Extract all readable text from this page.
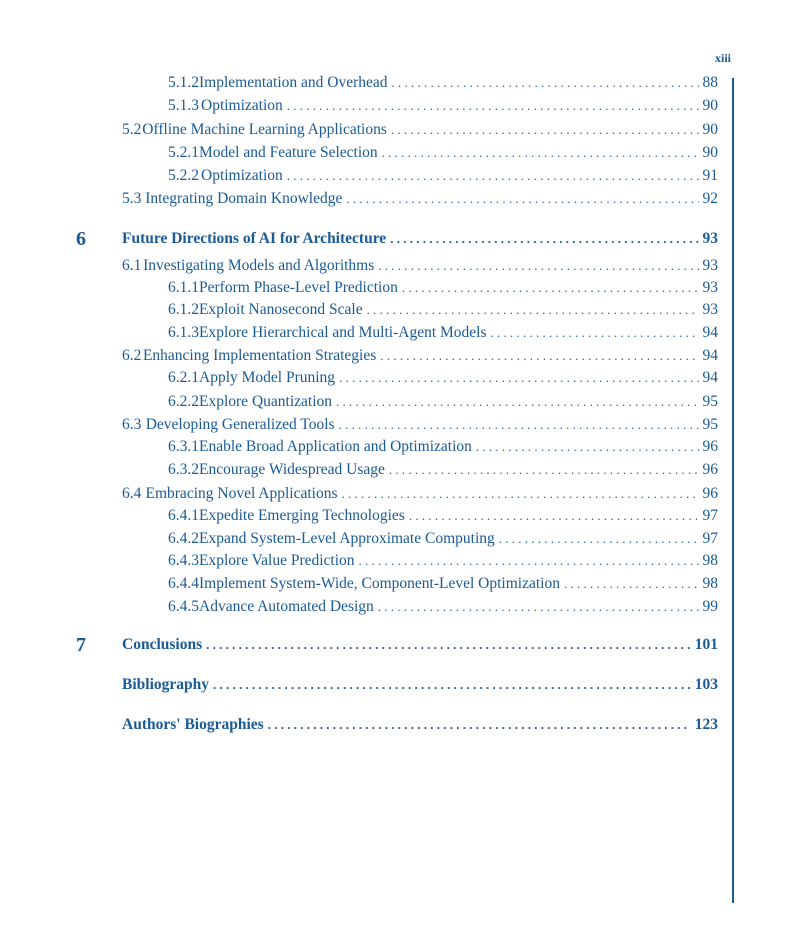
xiii
5.1.2 Implementation and Overhead . . .	88
5.1.3 Optimization . . .	90
5.2 Offline Machine Learning Applications . . .	90
5.2.1 Model and Feature Selection . . .	90
5.2.2 Optimization . . .	91
5.3 Integrating Domain Knowledge . . .	92
6 Future Directions of AI for Architecture . . .	93
6.1 Investigating Models and Algorithms . . .	93
6.1.1 Perform Phase-Level Prediction . . .	93
6.1.2 Exploit Nanosecond Scale . . .	93
6.1.3 Explore Hierarchical and Multi-Agent Models . . .	94
6.2 Enhancing Implementation Strategies . . .	94
6.2.1 Apply Model Pruning . . .	94
6.2.2 Explore Quantization . . .	95
6.3 Developing Generalized Tools . . .	95
6.3.1 Enable Broad Application and Optimization . . .	96
6.3.2 Encourage Widespread Usage . . .	96
6.4 Embracing Novel Applications . . .	96
6.4.1 Expedite Emerging Technologies . . .	97
6.4.2 Expand System-Level Approximate Computing . . .	97
6.4.3 Explore Value Prediction . . .	98
6.4.4 Implement System-Wide, Component-Level Optimization . . .	98
6.4.5 Advance Automated Design . . .	99
7 Conclusions . . .	101
Bibliography . . .	103
Authors' Biographies . . .	123
